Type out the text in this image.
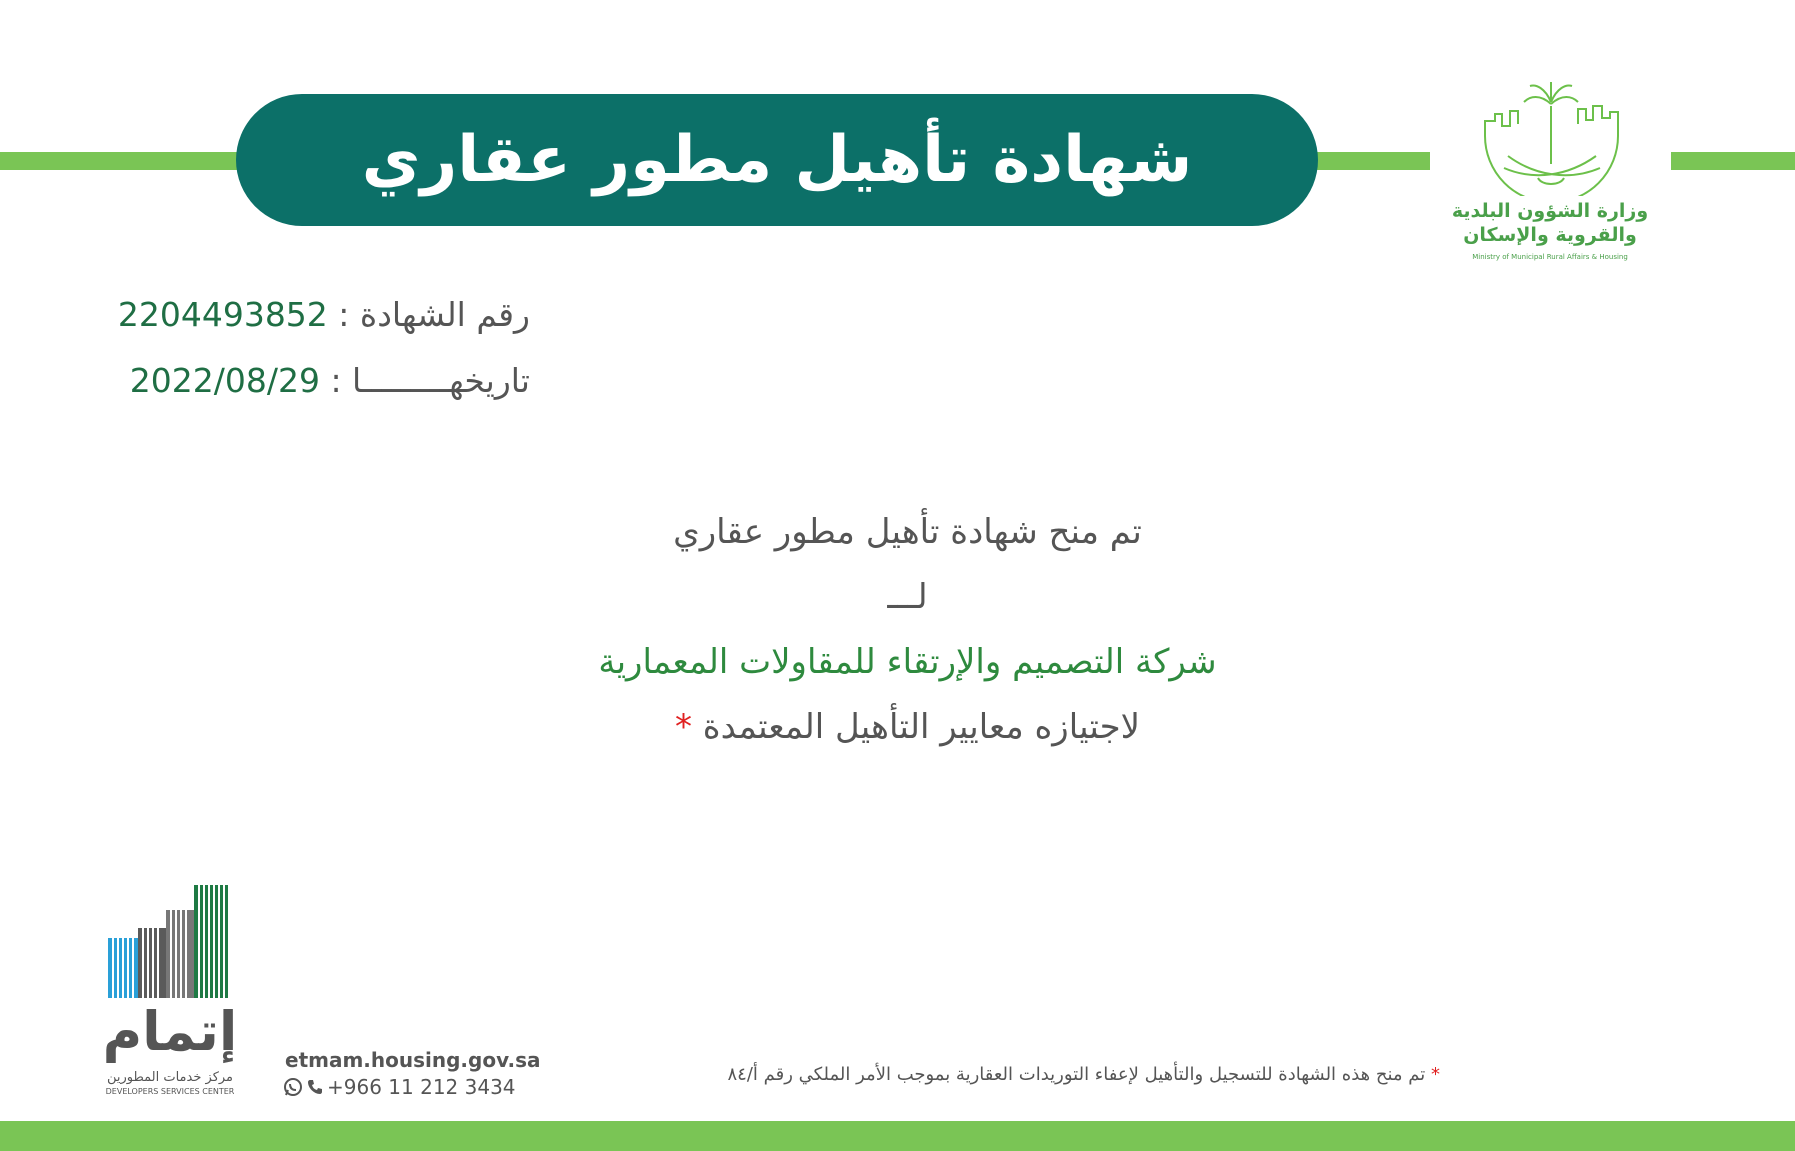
شهادة تأهيل مطور عقاري
وزارة الشؤون البلدية
والقروية والإسكان
Ministry of Municipal Rural Affairs & Housing
رقم الشهادة : 2204493852
تاريخهـــــــــا : 2022/08/29
تم منح شهادة تأهيل مطور عقاري
لـــ
شركة التصميم والإرتقاء للمقاولات المعمارية
لاجتيازه معايير التأهيل المعتمدة *
إتمام
مركز خدمات المطورين
DEVELOPERS SERVICES CENTER
etmam.housing.gov.sa
+966 11 212 3434
* تم منح هذه الشهادة للتسجيل والتأهيل لإعفاء التوريدات العقارية بموجب الأمر الملكي رقم أ/٨٤
